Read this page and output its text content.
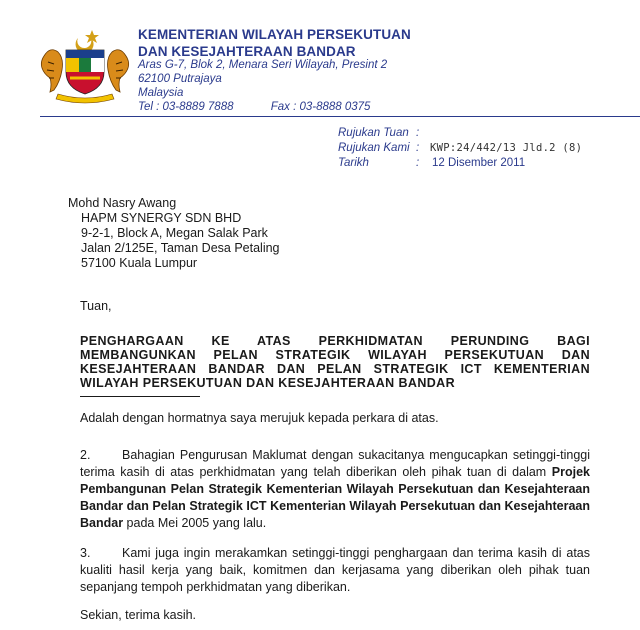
KEMENTERIAN WILAYAH PERSEKUTUAN
DAN KESEJAHTERAAN BANDAR
Aras G-7, Blok 2, Menara Seri Wilayah, Presint 2
62100 Putrajaya
Malaysia
Tel : 03-8889 7888	Fax : 03-8888 0375
Rujukan Tuan :
Rujukan Kami :	KWP:24/442/13 Jld.2 (8)
Tarikh	:	12 Disember 2011
Mohd Nasry Awang
HAPM SYNERGY SDN BHD
9-2-1, Block A, Megan Salak Park
Jalan 2/125E, Taman Desa Petaling
57100 Kuala Lumpur
Tuan,
PENGHARGAAN KE ATAS PERKHIDMATAN PERUNDING BAGI MEMBANGUNKAN PELAN STRATEGIK WILAYAH PERSEKUTUAN DAN KESEJAHTERAAN BANDAR DAN PELAN STRATEGIK ICT KEMENTERIAN WILAYAH PERSEKUTUAN DAN KESEJAHTERAAN BANDAR
Adalah dengan hormatnya saya merujuk kepada perkara di atas.
2.	Bahagian Pengurusan Maklumat dengan sukacitanya mengucapkan setinggi-tinggi terima kasih di atas perkhidmatan yang telah diberikan oleh pihak tuan di dalam Projek Pembangunan Pelan Strategik Kementerian Wilayah Persekutuan dan Kesejahteraan Bandar dan Pelan Strategik ICT Kementerian Wilayah Persekutuan dan Kesejahteraan Bandar pada Mei 2005 yang lalu.
3.	Kami juga ingin merakamkan setinggi-tinggi penghargaan dan terima kasih di atas kualiti hasil kerja yang baik, komitmen dan kerjasama yang diberikan oleh pihak tuan sepanjang tempoh perkhidmatan yang diberikan.
Sekian, terima kasih.
